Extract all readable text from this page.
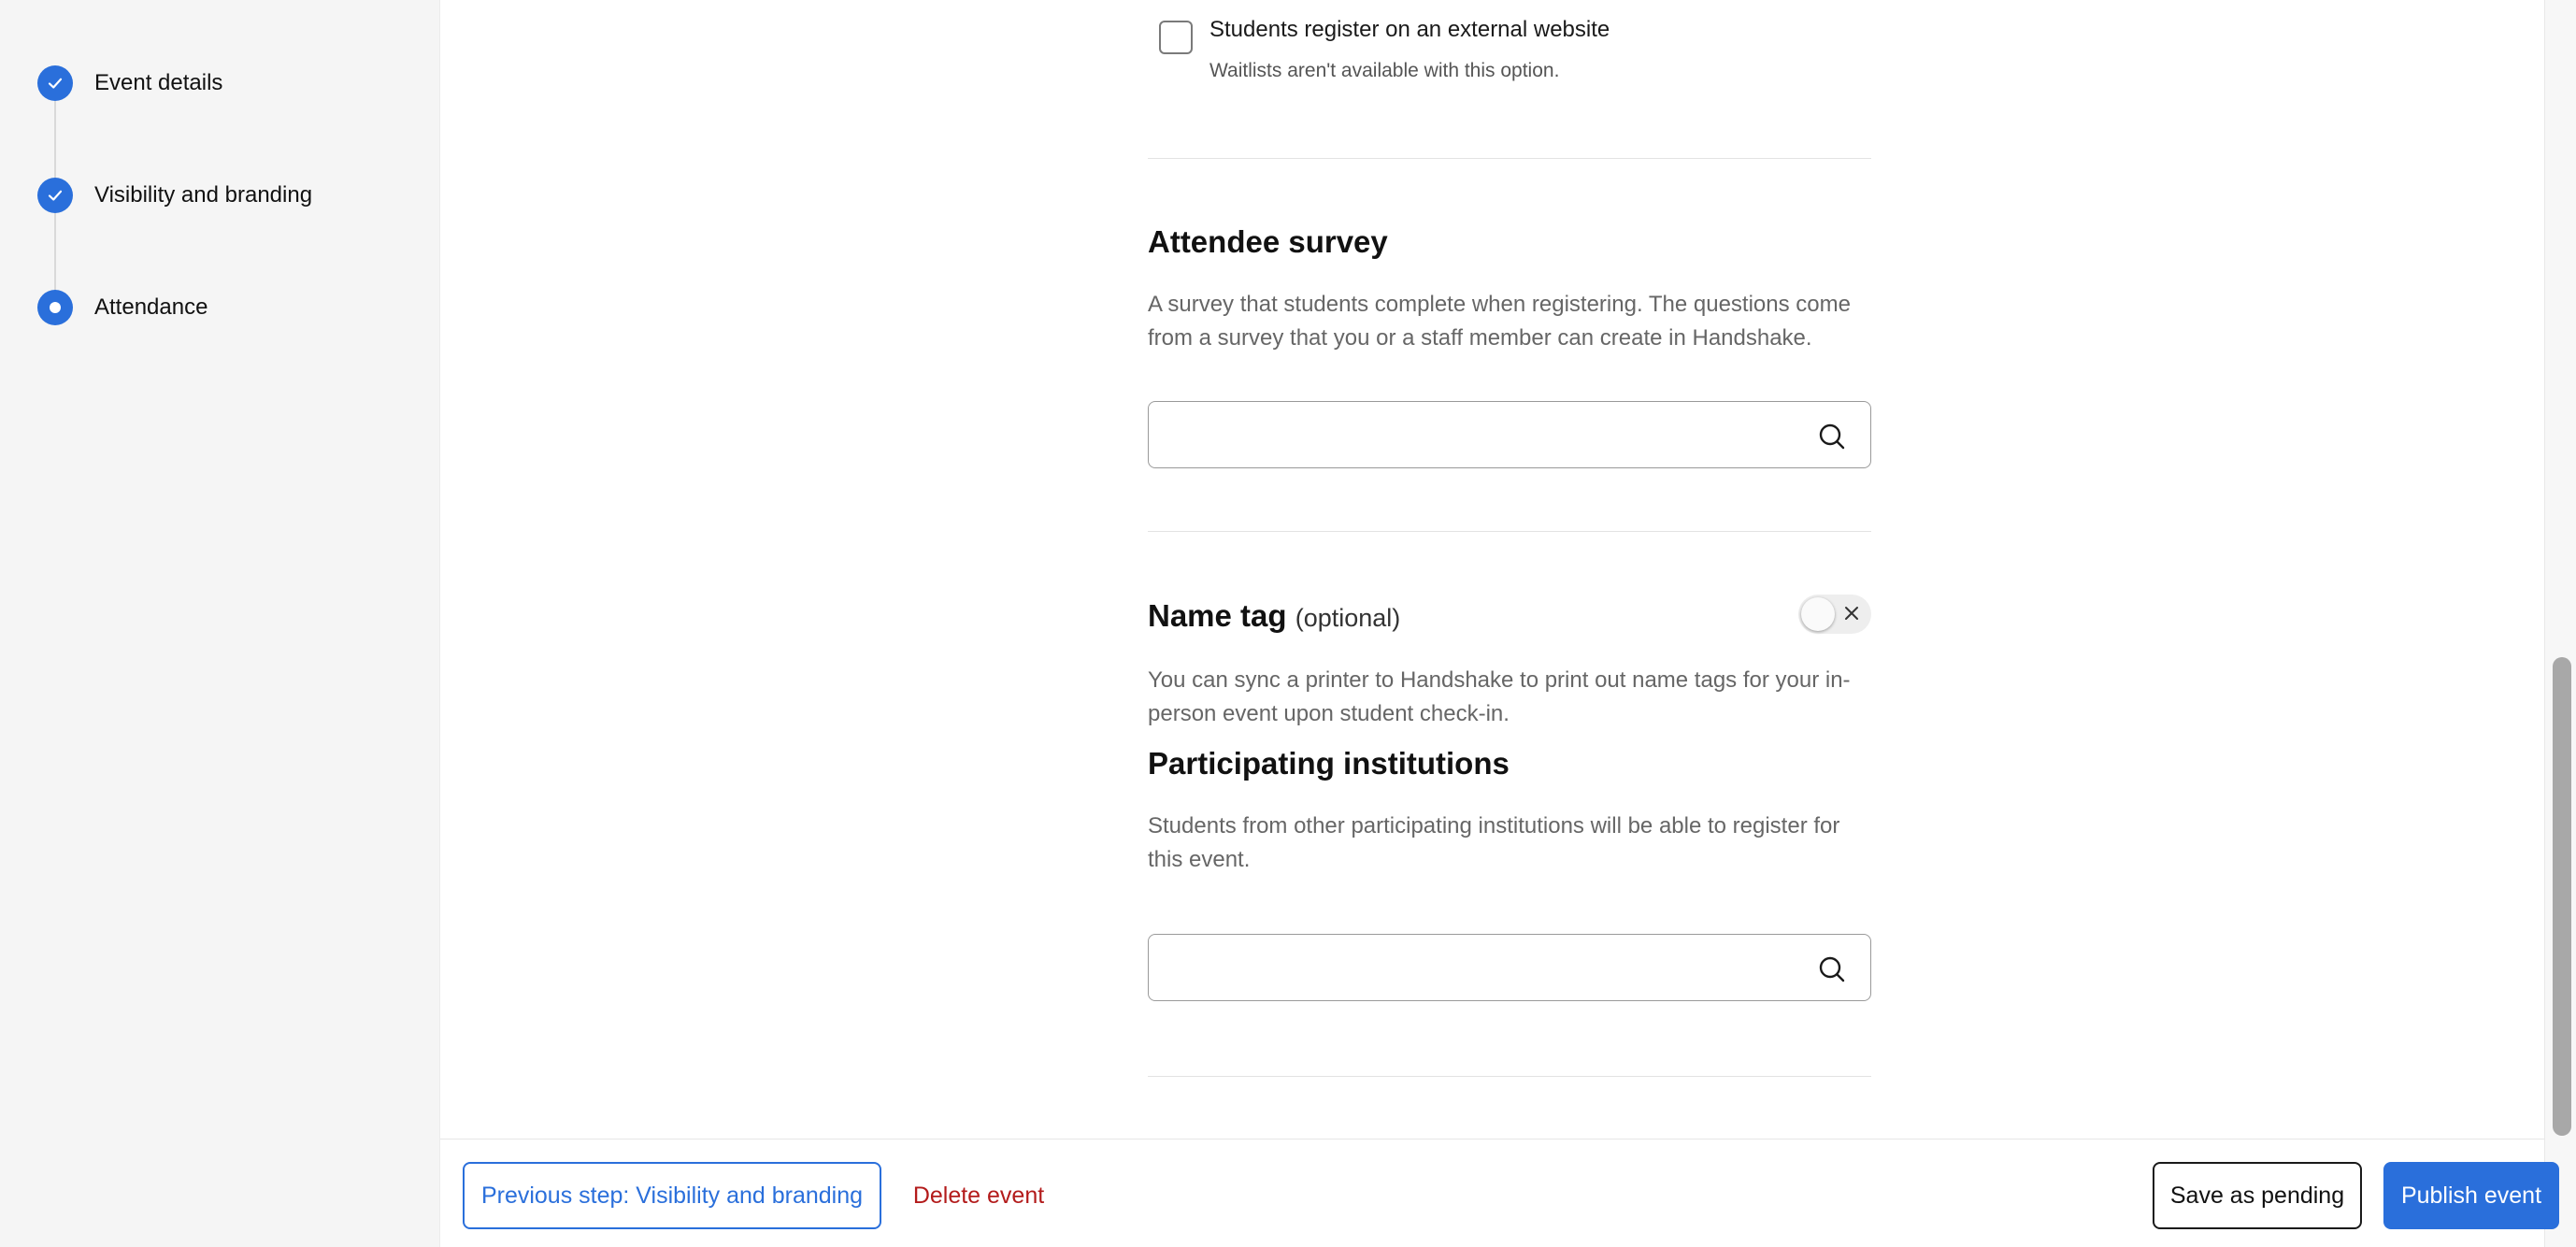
Event details
Visibility and branding
Attendance
Students register on an external website
Waitlists aren't available with this option.
Attendee survey

A survey that students complete when registering. The questions come from a survey that you or a staff member can create in Handshake.

Name tag (optional)

You can sync a printer to Handshake to print out name tags for your in-person event upon student check-in.

Participating institutions

Students from other participating institutions will be able to register for this event.

Previous step: Visibility and branding	Delete event	Save as pending	Publish event
